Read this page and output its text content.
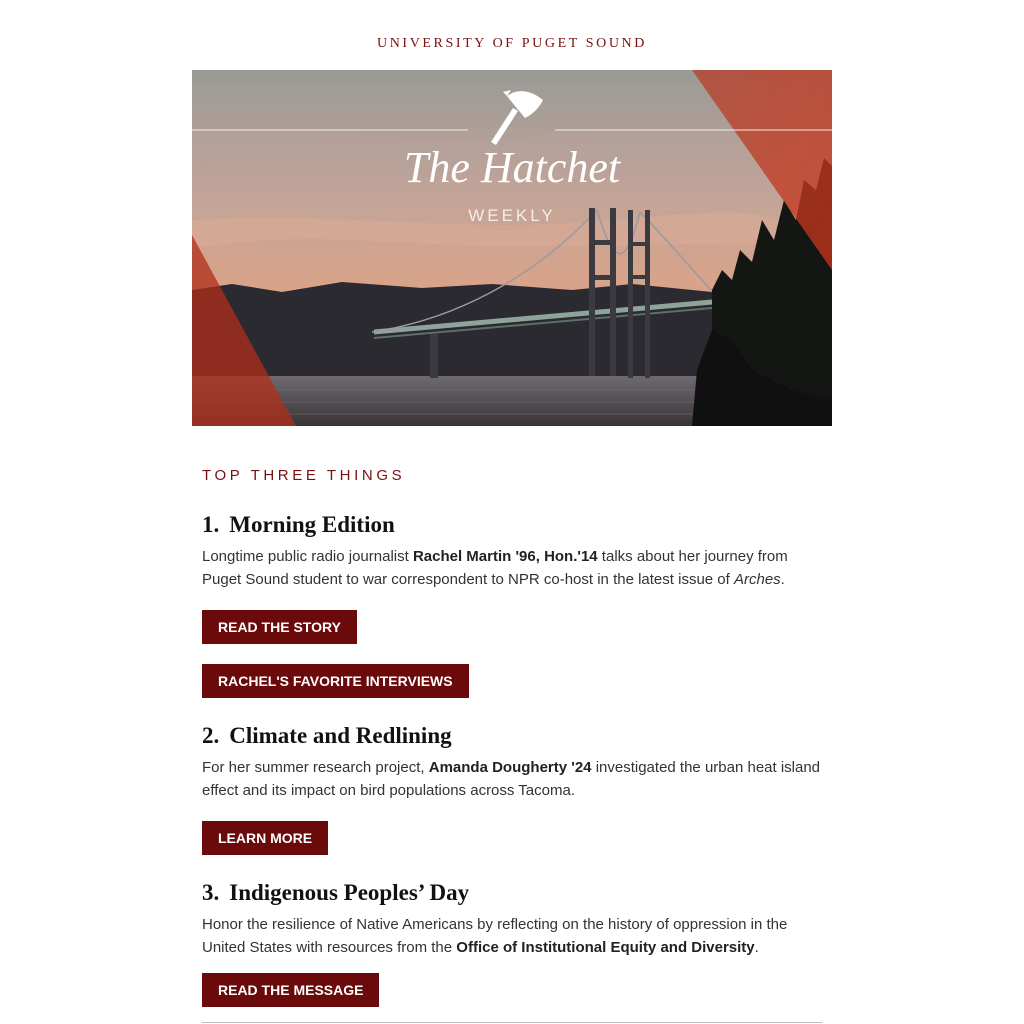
UNIVERSITY OF PUGET SOUND
The Hatchet
WEEKLY
TOP THREE THINGS
1. Morning Edition

Longtime public radio journalist Rachel Martin '96, Hon.'14 talks about her journey from Puget Sound student to war correspondent to NPR co-host in the latest issue of Arches.

READ THE STORY
RACHEL'S FAVORITE INTERVIEWS
2. Climate and Redlining

For her summer research project, Amanda Dougherty '24 investigated the urban heat island effect and its impact on bird populations across Tacoma.

LEARN MORE
3. Indigenous Peoples’ Day

Honor the resilience of Native Americans by reflecting on the history of oppression in the United States with resources from the Office of Institutional Equity and Diversity.

READ THE MESSAGE
